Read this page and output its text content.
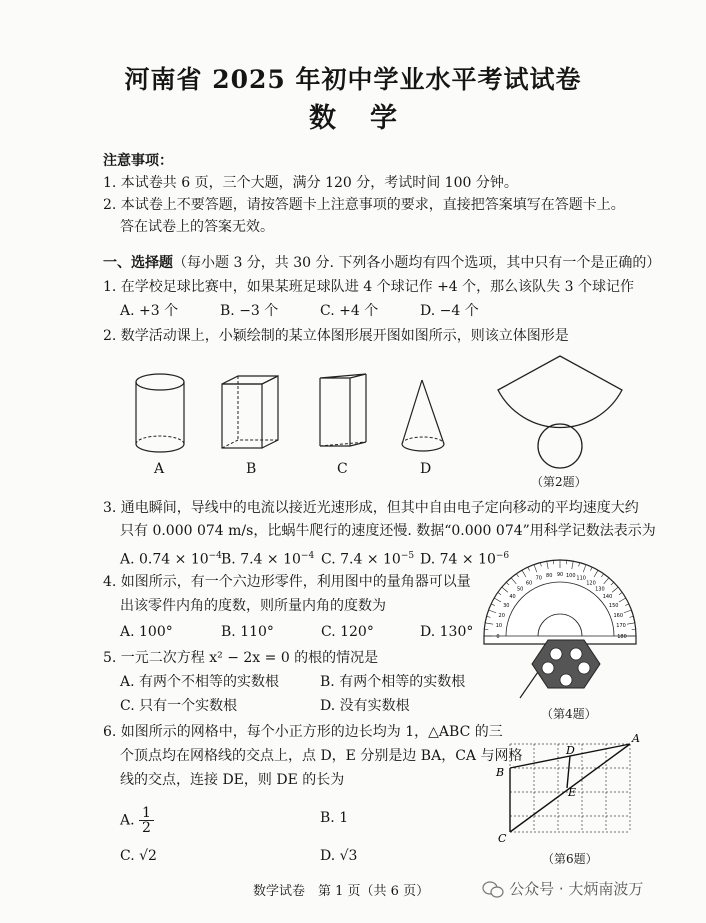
河南省 2025 年初中学业水平考试试卷
数学
注意事项：
1. 本试卷共 6 页，三个大题，满分 120 分，考试时间 100 分钟。
2. 本试卷上不要答题，请按答题卡上注意事项的要求，直接把答案填写在答题卡上。
答在试卷上的答案无效。
一、选择题（每小题 3 分，共 30 分. 下列各小题均有四个选项，其中只有一个是正确的）
1. 在学校足球比赛中，如果某班足球队进 4 个球记作 +4 个，那么该队失 3 个球记作
A. +3 个	B. −3 个	C. +4 个	D. −4 个
2. 数学活动课上，小颖绘制的某立体图形展开图如图所示，则该立体图形是
A	B	C	D
（第2题）
3. 通电瞬间，导线中的电流以接近光速形成，但其中自由电子定向移动的平均速度大约
只有 0.000 074 m/s，比蜗牛爬行的速度还慢. 数据“0.000 074”用科学记数法表示为
A. $0.74 \times 10^{-4}$ B. $7.4 \times 10^{-4}$ C. $7.4 \times 10^{-5}$ D. $74 \times 10^{-6}$
4. 如图所示，有一个六边形零件，利用图中的量角器可以量
出该零件内角的度数，则所量内角的度数为
A. 100°	B. 110°	C. 120°	D. 130°	0
10
20
30
40
50
60
70 80 90 100 110
120
130
140
150
160
170
180
（第4题）
5. 一元二次方程 x² − 2x = 0 的根的情况是
A. 有两个不相等的实数根	B. 有两个相等的实数根
C. 只有一个实数根	D. 没有实数根
6. 如图所示的网格中，每个小正方形的边长均为 1，△ABC 的三
个顶点均在网格线的交点上，点 D，E 分别是边 BA，CA 与网格
线的交点，连接 DE，则 DE 的长为
A. $\frac{1}{2}$	B. 1
C. √2	D. √3
A
B
C
D
E
（第6题）
数学试卷　第 1 页（共 6 页）	公众号 · 大炳南波万
